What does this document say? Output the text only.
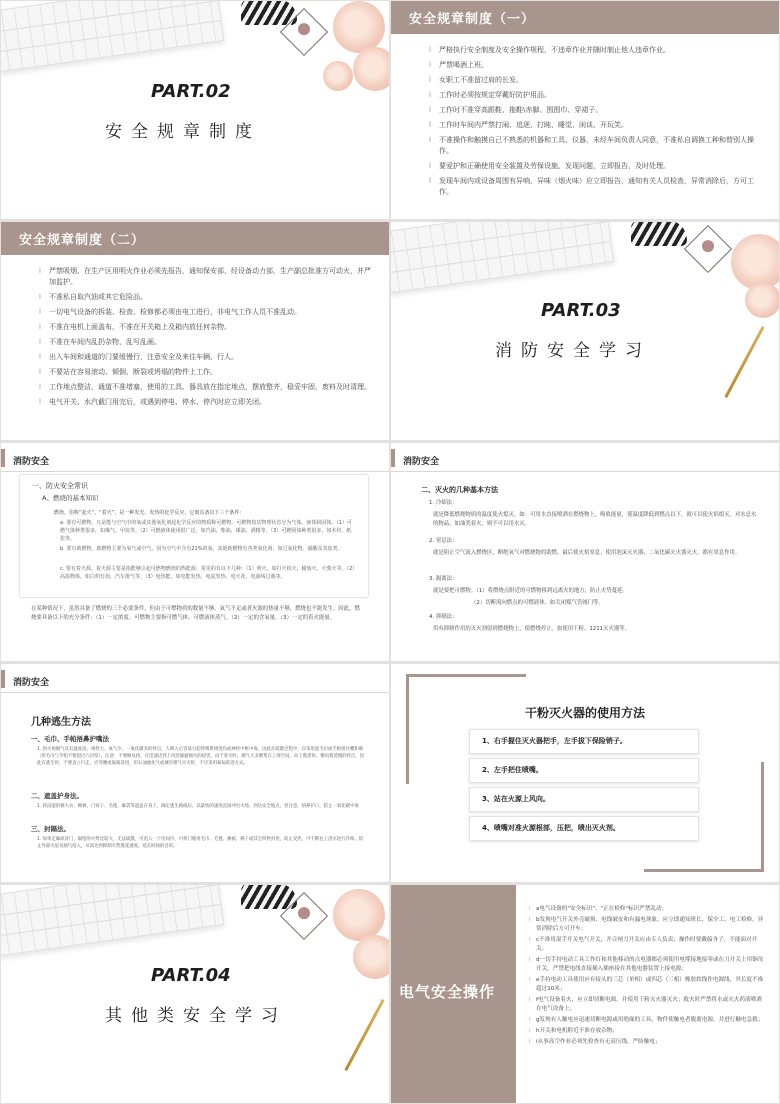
PART.02
安全规章制度
安全规章制度（一）
l 严格执行安全制度及安全操作规程，不违章作业并随时制止他人违章作业。
l 严禁喝酒上班。
l 女职工不准留过肩的长发。
l 工作时必须按规定穿戴好防护用品。
l 工作时不准穿高跟鞋、拖鞋\赤脚、围围巾、穿裙子。
l 工作时车间内严禁打闹、追逐、打盹、睡觉、闲谈、开玩笑。
l 不准操作和触摸自己不熟悉的机器和工具、仪器，未经车间负责人同意，不准私自调换工种和替别人操作。
l 要爱护和正确使用安全装置及劳保设施，发现问题，立即报告，及时处理。
l 发现车间内或设备周围有异响、异味（烟火味）应立即报告，通知有关人员检查，异常消除后，方可工作。
安全规章制度（二）
l 严禁吸烟，在生产区用明火作业必须先报告，通知保安部，经设备动力部，生产副总批准方可动火，并严加监护。
l 不准私自取汽油或其它危险品。
l 一切电气设备的拆装、检查、检修都必须由电工进行，非电气工作人员不准乱动。
l 不准在电机上面盖布，不准在开关箱上及箱内放任何杂物。
l 不准在车间内乱扔杂物，乱写乱画。
l 出入车间和通道的门要缓慢行，注意安全及来往车辆、行人。
l 不要站在容易滚动、倾倒、断裂或坍塌的物件上工作。
l 工作地点整洁，通道不准堵塞，使用的工具、器具放在指定地点，摆放整齐，稳妥牢固，废料及时清理。
l 电气开关、水汽截门用完后，或遇到停电、停水、停汽时应立即关闭。
PART.03
消防安全学习
消防安全
一、防火安全常识
A、燃烧的基本知识
燃烧，俗称“起火”，“着火”，是一种发光、发热的化学反应。它离具备以下三个条件：
a. 要有可燃物。凡是能与空气中的氧或其他氧化剂起化学反应的物质称可燃物。可燃物按其物理状态分为气体、液体和固体。（1）可燃气体种类很多，如煤气、甲烷等。（2）可燃液体使用很广泛，如汽油、柴油、煤油、酒精等。（3）可燃固体种类很多，如木材、纸张等。
b. 要有助燃物。助燃物主要为氧气或空气，因为空气中含有21%的氧，其他助燃物有各类氧化剂，如过氧化物、硝酸及其盐类。
c. 要有着火源。着火源主要是指能够引起可燃物燃烧的热能源。常见的有以下几种：（1）明火，如打火机火、蜡烛火、火柴火等。（2）高温物体，如白炽灯泡、汽车排气等。（3）电热能，如电能发热、电流发热、电火花、电源线过载等。
在某种情况下，虽然具备了燃烧的三个必要条件，但由于可燃物质的数量不够、氧气不足或者火源的热量不够，燃烧也不能发生。因此，燃烧要具备以下的充分条件：（1）一定浓度。可燃物主要指可燃气体、可燃液体蒸气。（2）一定的含氧量。（3）一定的着火能量。
消防安全
二、灭火的几种基本方法
1. 冷却法：
就是降低燃烧物质的温度使火熄灭。如：可用水直接喷洒在燃烧物上，吸收能量，使温度降低到燃点以下，就可以使火焰熄灭。对水忌水的物品，如油类着火，则不可以用水灭。
2. 窒息法：
就是阻止空气流入燃烧区，断绝氧气对燃烧物的助燃，最后使火焰窒息。使用泡沫灭火器、二氧化碳灭火器灭火，都有窒息作用。
3. 隔离法：
就是要把可燃物。（1）将燃烧点附近的可燃物移到远离火的地方，防止火势蔓延。
（2）切断流向燃点的可燃液体。如关闭煤气管阀门等。
4. 抑制法：
用有抑制作用的灭火剂射到燃烧物上，使燃烧停止。如使用干粉、1211灭火器等。
消防安全
几种逃生方法
一、毛巾、手帕捂鼻护嘴法
1. 因火场烟气具有温度高、毒性大、氧气少、一氧化碳多的特点，人吸入后容易引起呼吸系统烫伤或神经中枢中毒，因此在疏散过程中，应采用湿毛巾或手帕捂住嘴和鼻（但毛巾与手帕不要超过六层厚）。注意：不要顾及找，应迅速达到上风处躲避烟火的侵害。由于着火时，烟气大多聚集在上部空间，向上蔓延快、横向蔓延慢的特点，因此在逃生时，不要直立行走，应弯腰或匍匐前进，但石油液化气或城市煤气火灾时，不应采用匍匐前进方式。
二、遮盖护身法。
1. 将浸湿的棉大衣、棉被、门帘子、毛毯、麻袋等遮盖在身上，确定逃生路线后，以最快的速度直接冲出火场，到达安全地点，但注意，捂鼻护口，防止一氧化碳中毒
三、封隔法。
1. 如果走廊或对门、隔壁的火势比较大，无法疏散，可退入一个房间内，可将门缝用毛巾、毛毯、棉被、褥子或其它织物封死，防止受热，可不断往上浇水进行冷却。防止外部火焰及烟气侵入，从而达到抑制火势蔓延速度、延长时间的目的。
干粉灭火器的使用方法
1、右手握住灭火器把手，左手拔下保险销子。
2、左手把住喷嘴。
3、站在火源上风向。
4、喷嘴对准火源根部，压把，喷出灭火剂。
PART.04
其他类安全学习
电气安全操作
l a电气设备的"安全标识"、"正在检修"标识严禁乱动；
l b发现电气开关外壳破损、电线破皮和有漏电现象，应立即通知班长、保全工、电工检修，异常消除后方可开车；
l c不准用湿手开关电气开关，开合闸刀开关应由专人负责；操作时要戴偏身子，不能面对开关；
l d一切手持电动工具工作灯和其他移动的点电器都必须使用电缆接地接零或在刀开关上用铜母开关，严禁把电线直接插入插座接在其他电器装置上接电源；
l e手持电动工具使用应有接头的三芯（单相）或四芯（三相）橡胶软线作电源线，其长度不准超过10米；
l f电气设备着火，应立即切断电源，并使用干粉灭火器灭火；救火时严禁将水或灭火药液喷洒在电气设备上；
l g发现有人触电应迅速切断电源或用绝缘的工具、物件使触电者脱离电源，并进行触电急救；
l h开关和电机附近不准存放杂物；
l i从事高空作业必须先检查有无高压线，严防触电；
